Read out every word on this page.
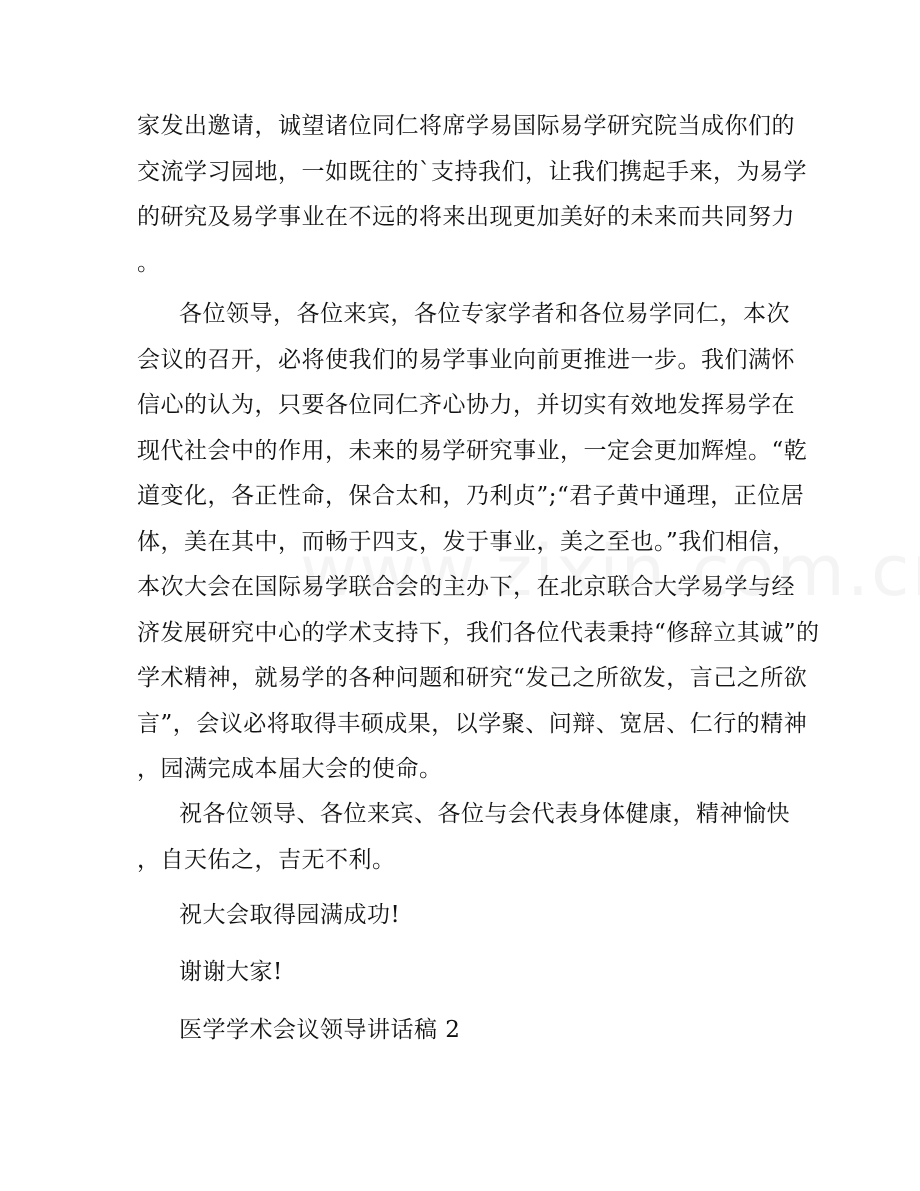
家发出邀请，诚望诸位同仁将席学易国际易学研究院当成你们的
交流学习园地，一如既往的`支持我们，让我们携起手来，为易学
的研究及易学事业在不远的将来出现更加美好的未来而共同努力
。

各位领导，各位来宾，各位专家学者和各位易学同仁，本次
会议的召开，必将使我们的易学事业向前更推进一步。我们满怀
信心的认为，只要各位同仁齐心协力，并切实有效地发挥易学在
现代社会中的作用，未来的易学研究事业，一定会更加辉煌。“乾
道变化，各正性命，保合太和，乃利贞”;“君子黄中通理，正位居
体，美在其中，而畅于四支，发于事业，美之至也。”我们相信，
本次大会在国际易学联合会的主办下，在北京联合大学易学与经
济发展研究中心的学术支持下，我们各位代表秉持“修辞立其诚”的
学术精神，就易学的各种问题和研究“发己之所欲发，言己之所欲
言”，会议必将取得丰硕成果，以学聚、问辩、宽居、仁行的精神
，园满完成本届大会的使命。

祝各位领导、各位来宾、各位与会代表身体健康，精神愉快
，自天佑之，吉无不利。

祝大会取得园满成功!

谢谢大家!

医学学术会议领导讲话稿 2
